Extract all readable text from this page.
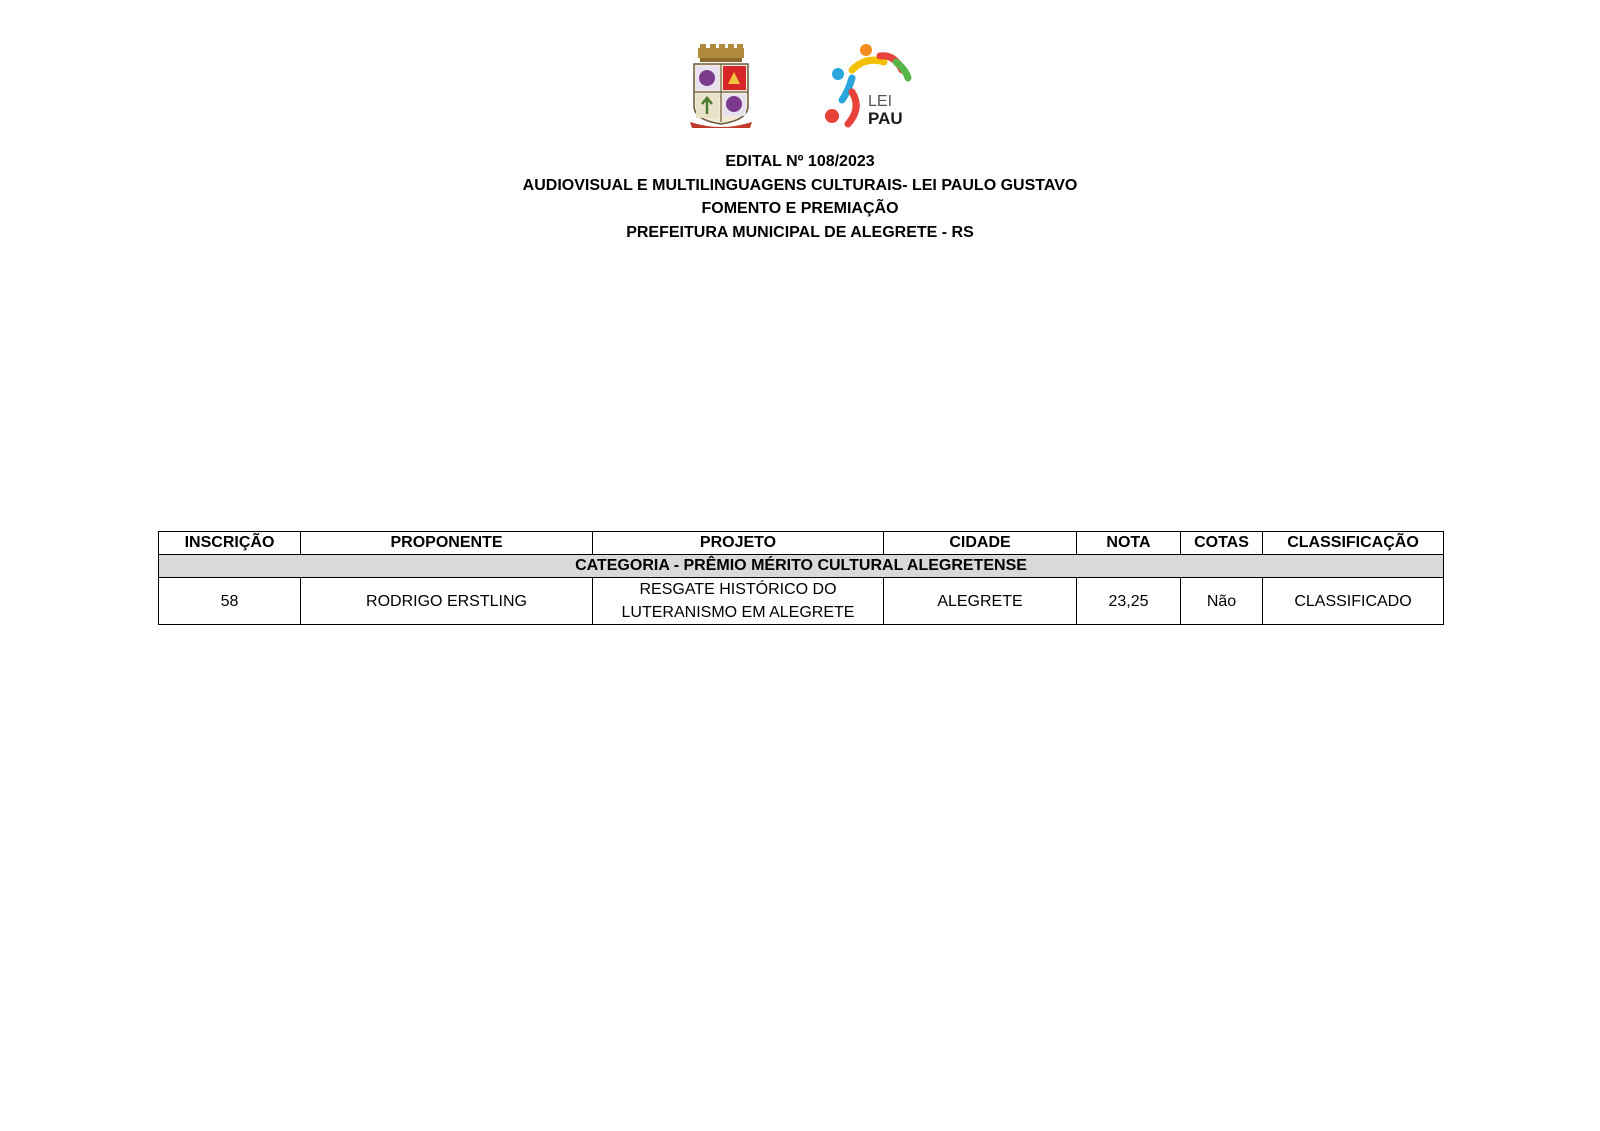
LEI
PAU
EDITAL Nº 108/2023
AUDIOVISUAL E MULTILINGUAGENS CULTURAIS- LEI PAULO GUSTAVO
FOMENTO E PREMIAÇÃO
PREFEITURA MUNICIPAL DE ALEGRETE - RS
INSCRIÇÃO	PROPONENTE	PROJETO	CIDADE	NOTA	COTAS	CLASSIFICAÇÃO
CATEGORIA - PRÊMIO MÉRITO CULTURAL ALEGRETENSE						
58	RODRIGO ERSTLING	RESGATE HISTÓRICO DO
LUTERANISMO EM ALEGRETE	ALEGRETE	23,25	Não	CLASSIFICADO
